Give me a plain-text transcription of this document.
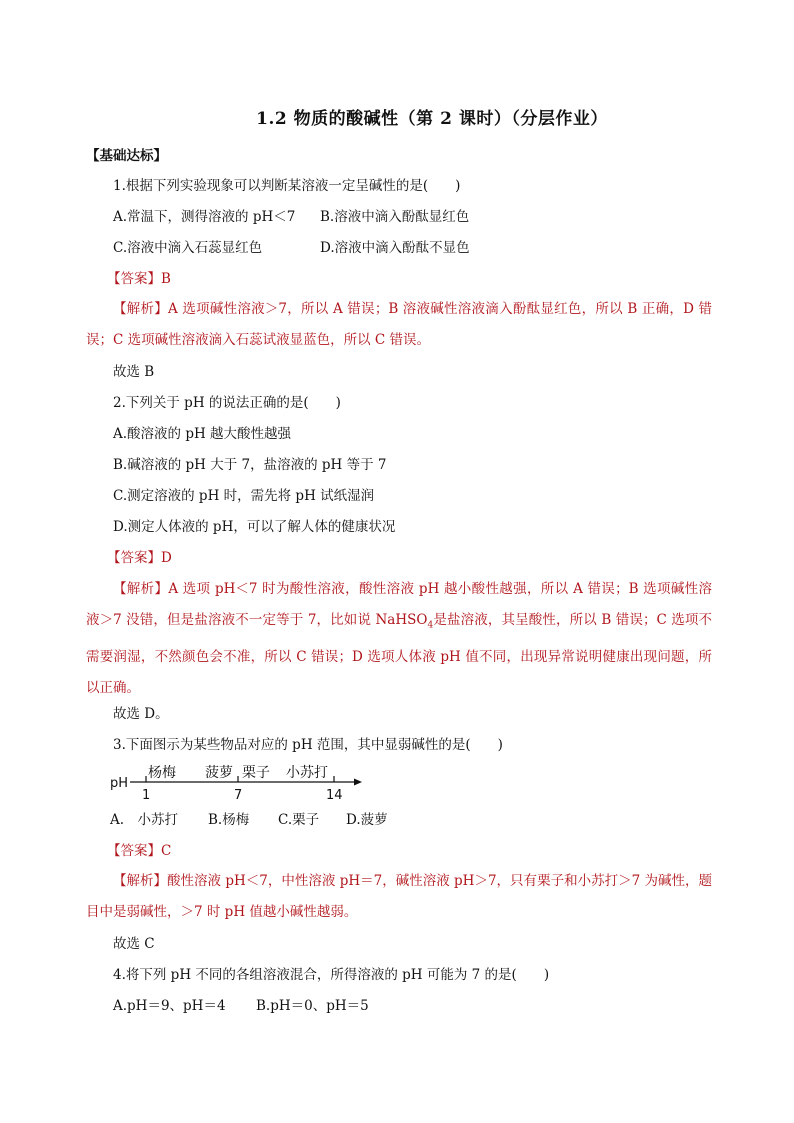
1.2 物质的酸碱性（第 2 课时）（分层作业）
【基础达标】
1.根据下列实验现象可以判断某溶液一定呈碱性的是(　　)
A.常温下，测得溶液的 pH＜7 B.溶液中滴入酚酞显红色
C.溶液中滴入石蕊显红色	D.溶液中滴入酚酞不显色
【答案】B
【解析】A 选项碱性溶液＞7，所以 A 错误；B 溶液碱性溶液滴入酚酞显红色，所以 B 正确，D 错误；C 选项碱性溶液滴入石蕊试液显蓝色，所以 C 错误。
故选 B
2.下列关于 pH 的说法正确的是(　　)
A.酸溶液的 pH 越大酸性越强
B.碱溶液的 pH 大于 7，盐溶液的 pH 等于 7
C.测定溶液的 pH 时，需先将 pH 试纸湿润
D.测定人体液的 pH，可以了解人体的健康状况
【答案】D
【解析】A 选项 pH＜7 时为酸性溶液，酸性溶液 pH 越小酸性越强，所以 A 错误；B 选项碱性溶液＞7 没错，但是盐溶液不一定等于 7，比如说 NaHSO$_4$是盐溶液，其呈酸性，所以 B 错误；C 选项不需要润湿，不然颜色会不准，所以 C 错误；D 选项人体液 pH 值不同，出现异常说明健康出现问题，所以正确。
故选 D。
3.下面图示为某些物品对应的 pH 范围，其中显弱碱性的是(　　)
pH
杨梅 菠萝 栗子 小苏打
1	7	14
A.　小苏打 B.杨梅 C.栗子 D.菠萝
【答案】C
【解析】酸性溶液 pH＜7，中性溶液 pH＝7，碱性溶液 pH＞7，只有栗子和小苏打＞7 为碱性，题目中是弱碱性，＞7 时 pH 值越小碱性越弱。
故选 C
4.将下列 pH 不同的各组溶液混合，所得溶液的 pH 可能为 7 的是(　　)
A.pH＝9、pH＝4 B.pH＝0、pH＝5
